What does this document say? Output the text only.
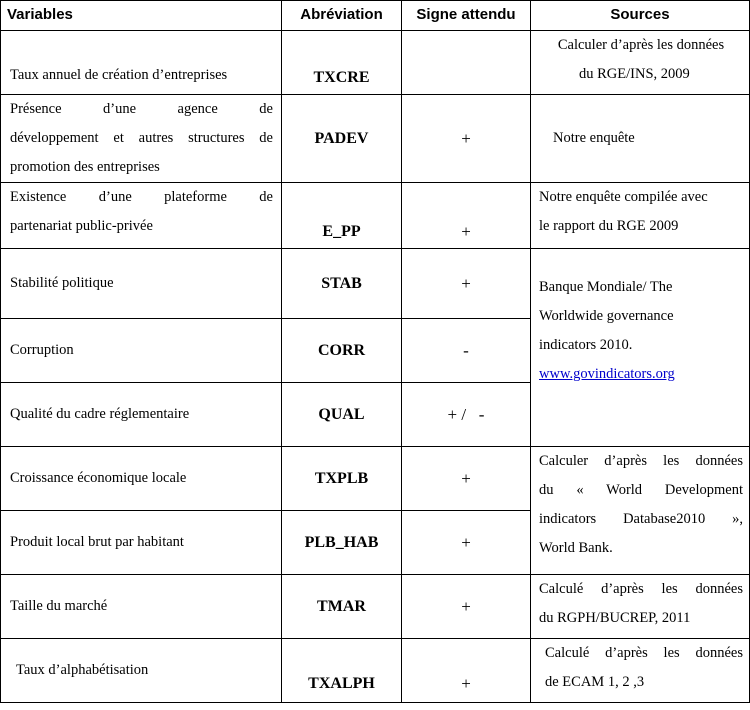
Variables	Abréviation	Signe attendu	Sources
Taux annuel de création d’entreprises	TXCRE		Calculer d’après les données
du RGE/INS, 2009

Présence d’une agence de
développement et autres structures de
promotion des entreprises	PADEV	+	Notre enquête

Existence d’une plateforme de
partenariat public-privée	E_PP	+	Notre enquête compilée avec
le rapport du RGE 2009

Stabilité politique	STAB	+	Banque Mondiale/ The
Worldwide governance
indicators 2010.
www.govindicators.org

Corruption	CORR	-	
Qualité du cadre réglementaire	QUAL	+ /   -	
Croissance économique locale	TXPLB	+	Calculer d’après les données
du « World Development
indicators Database2010 »,
World Bank.

Produit local brut par habitant	PLB_HAB	+	
Taille du marché	TMAR	+	Calculé d’après les données
du RGPH/BUCREP, 2011

Taux d’alphabétisation	TXALPH	+	Calculé d’après les données
de ECAM 1, 2 ,3
